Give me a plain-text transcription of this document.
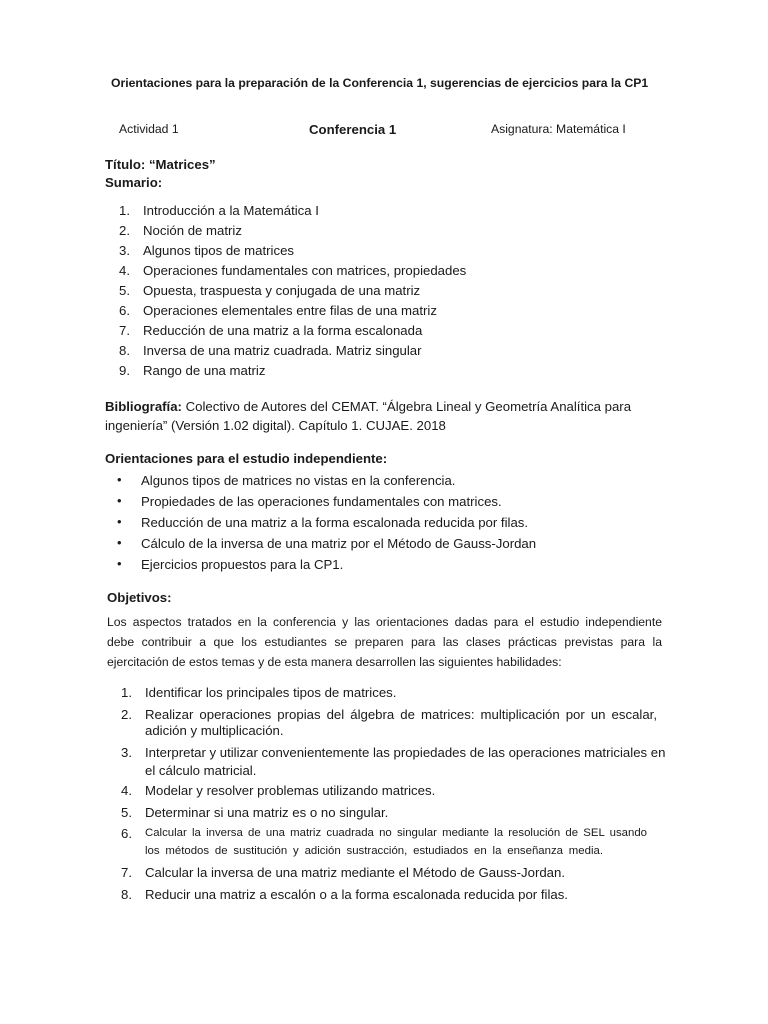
Orientaciones para la preparación de la Conferencia 1, sugerencias de ejercicios para la CP1
Actividad 1	Conferencia 1	Asignatura: Matemática I
Título: “Matrices”
Sumario:
1. Introducción a la Matemática I
2. Noción de matriz
3. Algunos tipos de matrices
4. Operaciones fundamentales con matrices, propiedades
5. Opuesta, traspuesta y conjugada de una matriz
6. Operaciones elementales entre filas de una matriz
7. Reducción de una matriz a la forma escalonada
8. Inversa de una matriz cuadrada. Matriz singular
9. Rango de una matriz
Bibliografía: Colectivo de Autores del CEMAT. “Álgebra Lineal y Geometría Analítica para
ingeniería” (Versión 1.02 digital). Capítulo 1. CUJAE. 2018
Orientaciones para el estudio independiente:
• Algunos tipos de matrices no vistas en la conferencia.
• Propiedades de las operaciones fundamentales con matrices.
• Reducción de una matriz a la forma escalonada reducida por filas.
• Cálculo de la inversa de una matriz por el Método de Gauss-Jordan
• Ejercicios propuestos para la CP1.
Objetivos:
Los aspectos tratados en la conferencia y las orientaciones dadas para el estudio independiente
debe contribuir a que los estudiantes se preparen para las clases prácticas previstas para la
ejercitación de estos temas y de esta manera desarrollen las siguientes habilidades:
1. Identificar los principales tipos de matrices.
2. Realizar operaciones propias del álgebra de matrices: multiplicación por un escalar,
adición y multiplicación.
3. Interpretar y utilizar convenientemente las propiedades de las operaciones matriciales en
el cálculo matricial.
4. Modelar y resolver problemas utilizando matrices.
5. Determinar si una matriz es o no singular.
6. Calcular la inversa de una matriz cuadrada no singular mediante la resolución de SEL usando
los métodos de sustitución y adición sustracción, estudiados en la enseñanza media.
7. Calcular la inversa de una matriz mediante el Método de Gauss-Jordan.
8. Reducir una matriz a escalón o a la forma escalonada reducida por filas.
